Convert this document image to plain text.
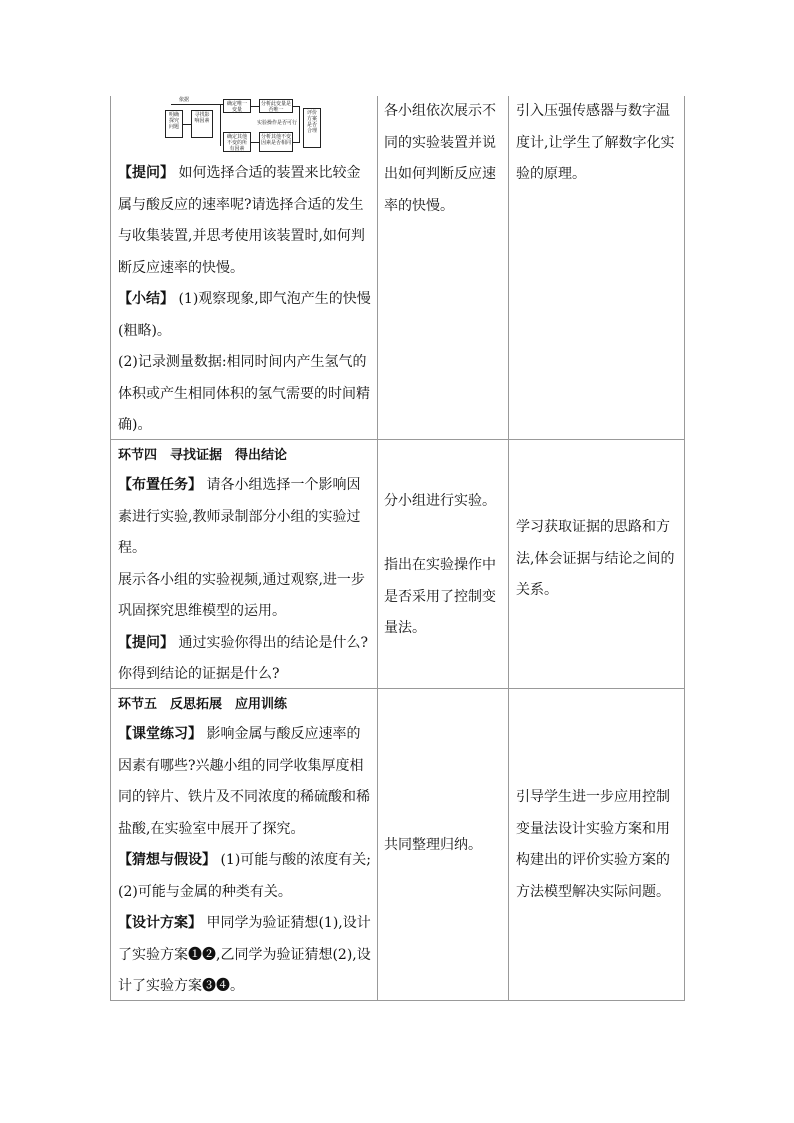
依据
明确探究问题
寻找影响因素
确定唯一变量
分析此变量是否唯一
实验操作是否可行
确定其他不变的所有因素
分析其他不变因素是否相同
评价方案是否合理
【提问】 如何选择合适的装置来比较金
属与酸反应的速率呢?请选择合适的发生
与收集装置,并思考使用该装置时,如何判
断反应速率的快慢。
【小结】 (1)观察现象,即气泡产生的快慢
(粗略)。
(2)记录测量数据:相同时间内产生氢气的
体积或产生相同体积的氢气需要的时间精
确)。
各小组依次展示不
同的实验装置并说
出如何判断反应速
率的快慢。
引入压强传感器与数字温
度计,让学生了解数字化实
验的原理。
环节四　寻找证据　得出结论
【布置任务】 请各小组选择一个影响因
素进行实验,教师录制部分小组的实验过
程。
展示各小组的实验视频,通过观察,进一步
巩固探究思维模型的运用。
【提问】 通过实验你得出的结论是什么?
你得到结论的证据是什么?
分小组进行实验。
指出在实验操作中
是否采用了控制变
量法。
学习获取证据的思路和方
法,体会证据与结论之间的
关系。
环节五　反思拓展　应用训练
【课堂练习】 影响金属与酸反应速率的
因素有哪些?兴趣小组的同学收集厚度相
同的锌片、铁片及不同浓度的稀硫酸和稀
盐酸,在实验室中展开了探究。
【猜想与假设】 (1)可能与酸的浓度有关;
(2)可能与金属的种类有关。
【设计方案】 甲同学为验证猜想(1),设计
了实验方案❶❷,乙同学为验证猜想(2),设
计了实验方案❸❹。
共同整理归纳。
引导学生进一步应用控制
变量法设计实验方案和用
构建出的评价实验方案的
方法模型解决实际问题。
